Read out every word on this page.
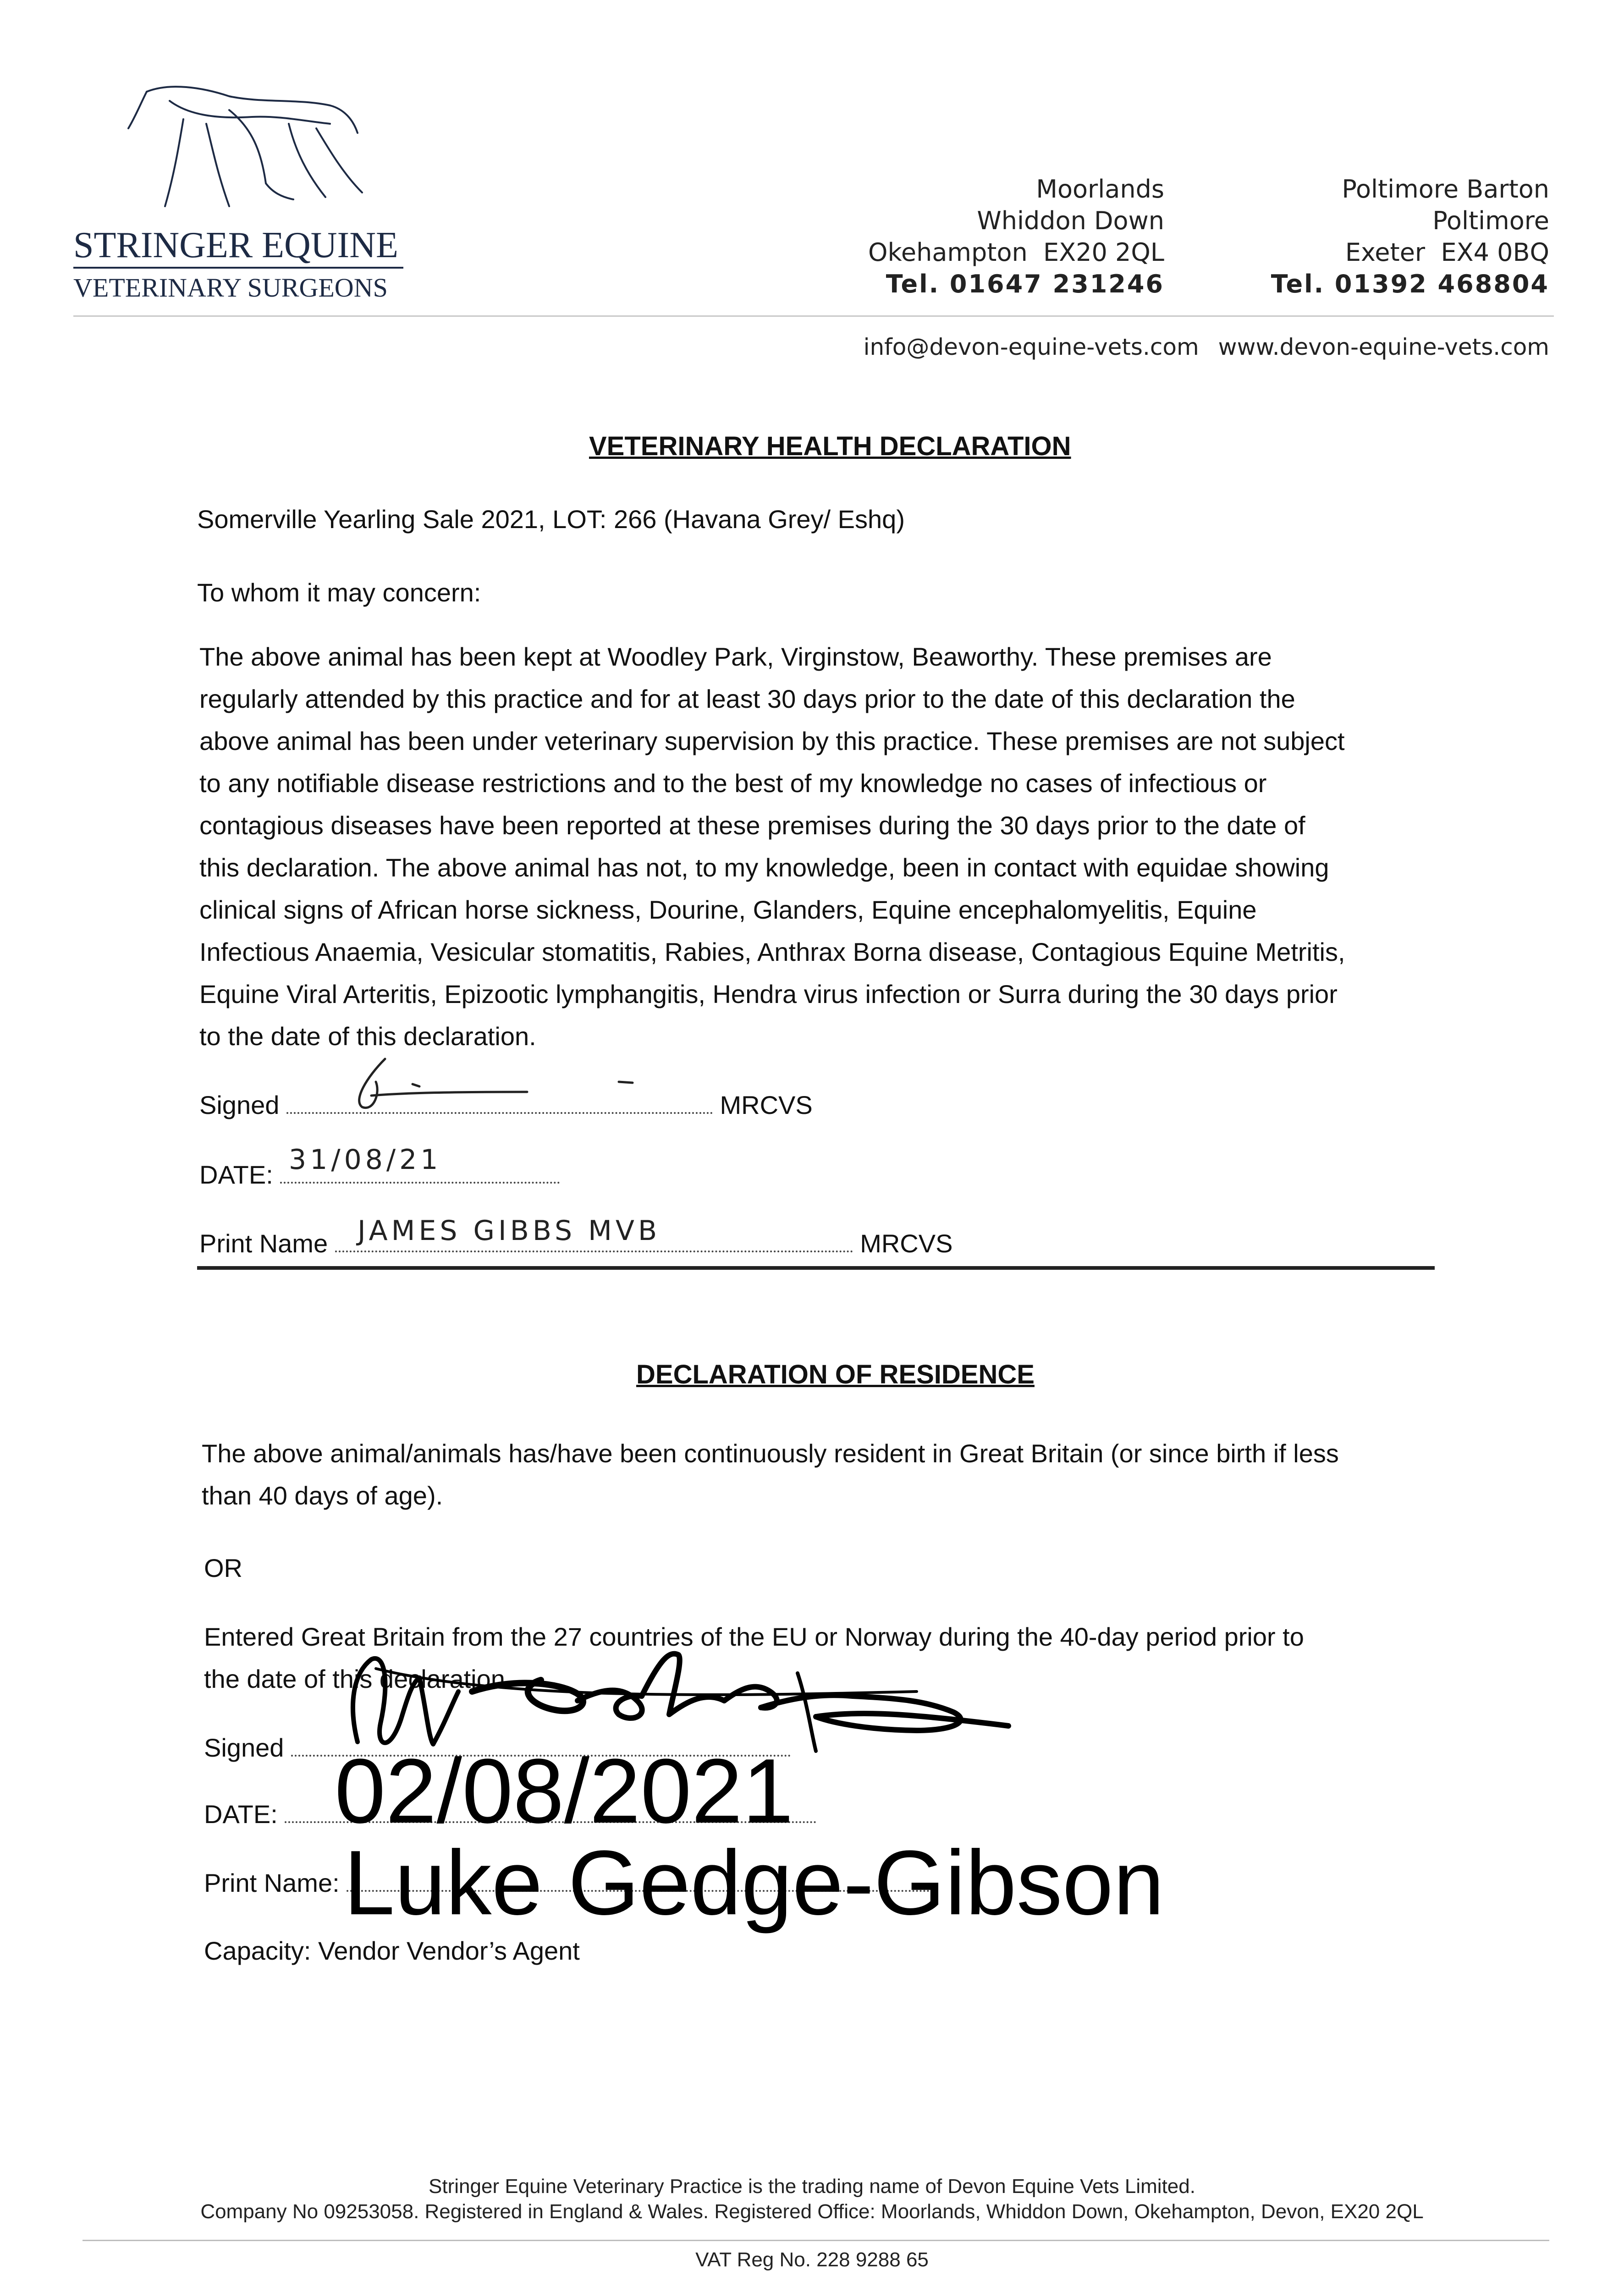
STRINGER EQUINE
VETERINARY SURGEONS
Moorlands
Whiddon Down
Okehampton  EX20 2QL
Tel. 01647 231246
Poltimore Barton
Poltimore
Exeter  EX4 0BQ
Tel. 01392 468804
info@devon-equine-vets.com www.devon-equine-vets.com
VETERINARY HEALTH DECLARATION
Somerville Yearling Sale 2021, LOT: 266 (Havana Grey/ Eshq)
To whom it may concern:
The above animal has been kept at Woodley Park, Virginstow, Beaworthy. These premises are
regularly attended by this practice and for at least 30 days prior to the date of this declaration the
above animal has been under veterinary supervision by this practice. These premises are not subject
to any notifiable disease restrictions and to the best of my knowledge no cases of infectious or
contagious diseases have been reported at these premises during the 30 days prior to the date of
this declaration. The above animal has not, to my knowledge, been in contact with equidae showing
clinical signs of African horse sickness, Dourine, Glanders, Equine encephalomyelitis, Equine
Infectious Anaemia, Vesicular stomatitis, Rabies, Anthrax Borna disease, Contagious Equine Metritis,
Equine Viral Arteritis, Epizootic lymphangitis, Hendra virus infection or Surra during the 30 days prior
to the date of this declaration.
Signed	MRCVS
DATE: 31/08/21
Print Name	MRCVS
JAMES GIBBS MVB
DECLARATION OF RESIDENCE
The above animal/animals has/have been continuously resident in Great Britain (or since birth if less
than 40 days of age).
OR
Entered Great Britain from the 27 countries of the EU or Norway during the 40-day period prior to
the date of this declaration.
Signed
DATE:
Print Name:
Capacity: Vendor Vendor’s Agent
02/08/2021
Luke Gedge-Gibson
Stringer Equine Veterinary Practice is the trading name of Devon Equine Vets Limited.
Company No 09253058. Registered in England & Wales. Registered Office: Moorlands, Whiddon Down, Okehampton, Devon, EX20 2QL
VAT Reg No. 228 9288 65
